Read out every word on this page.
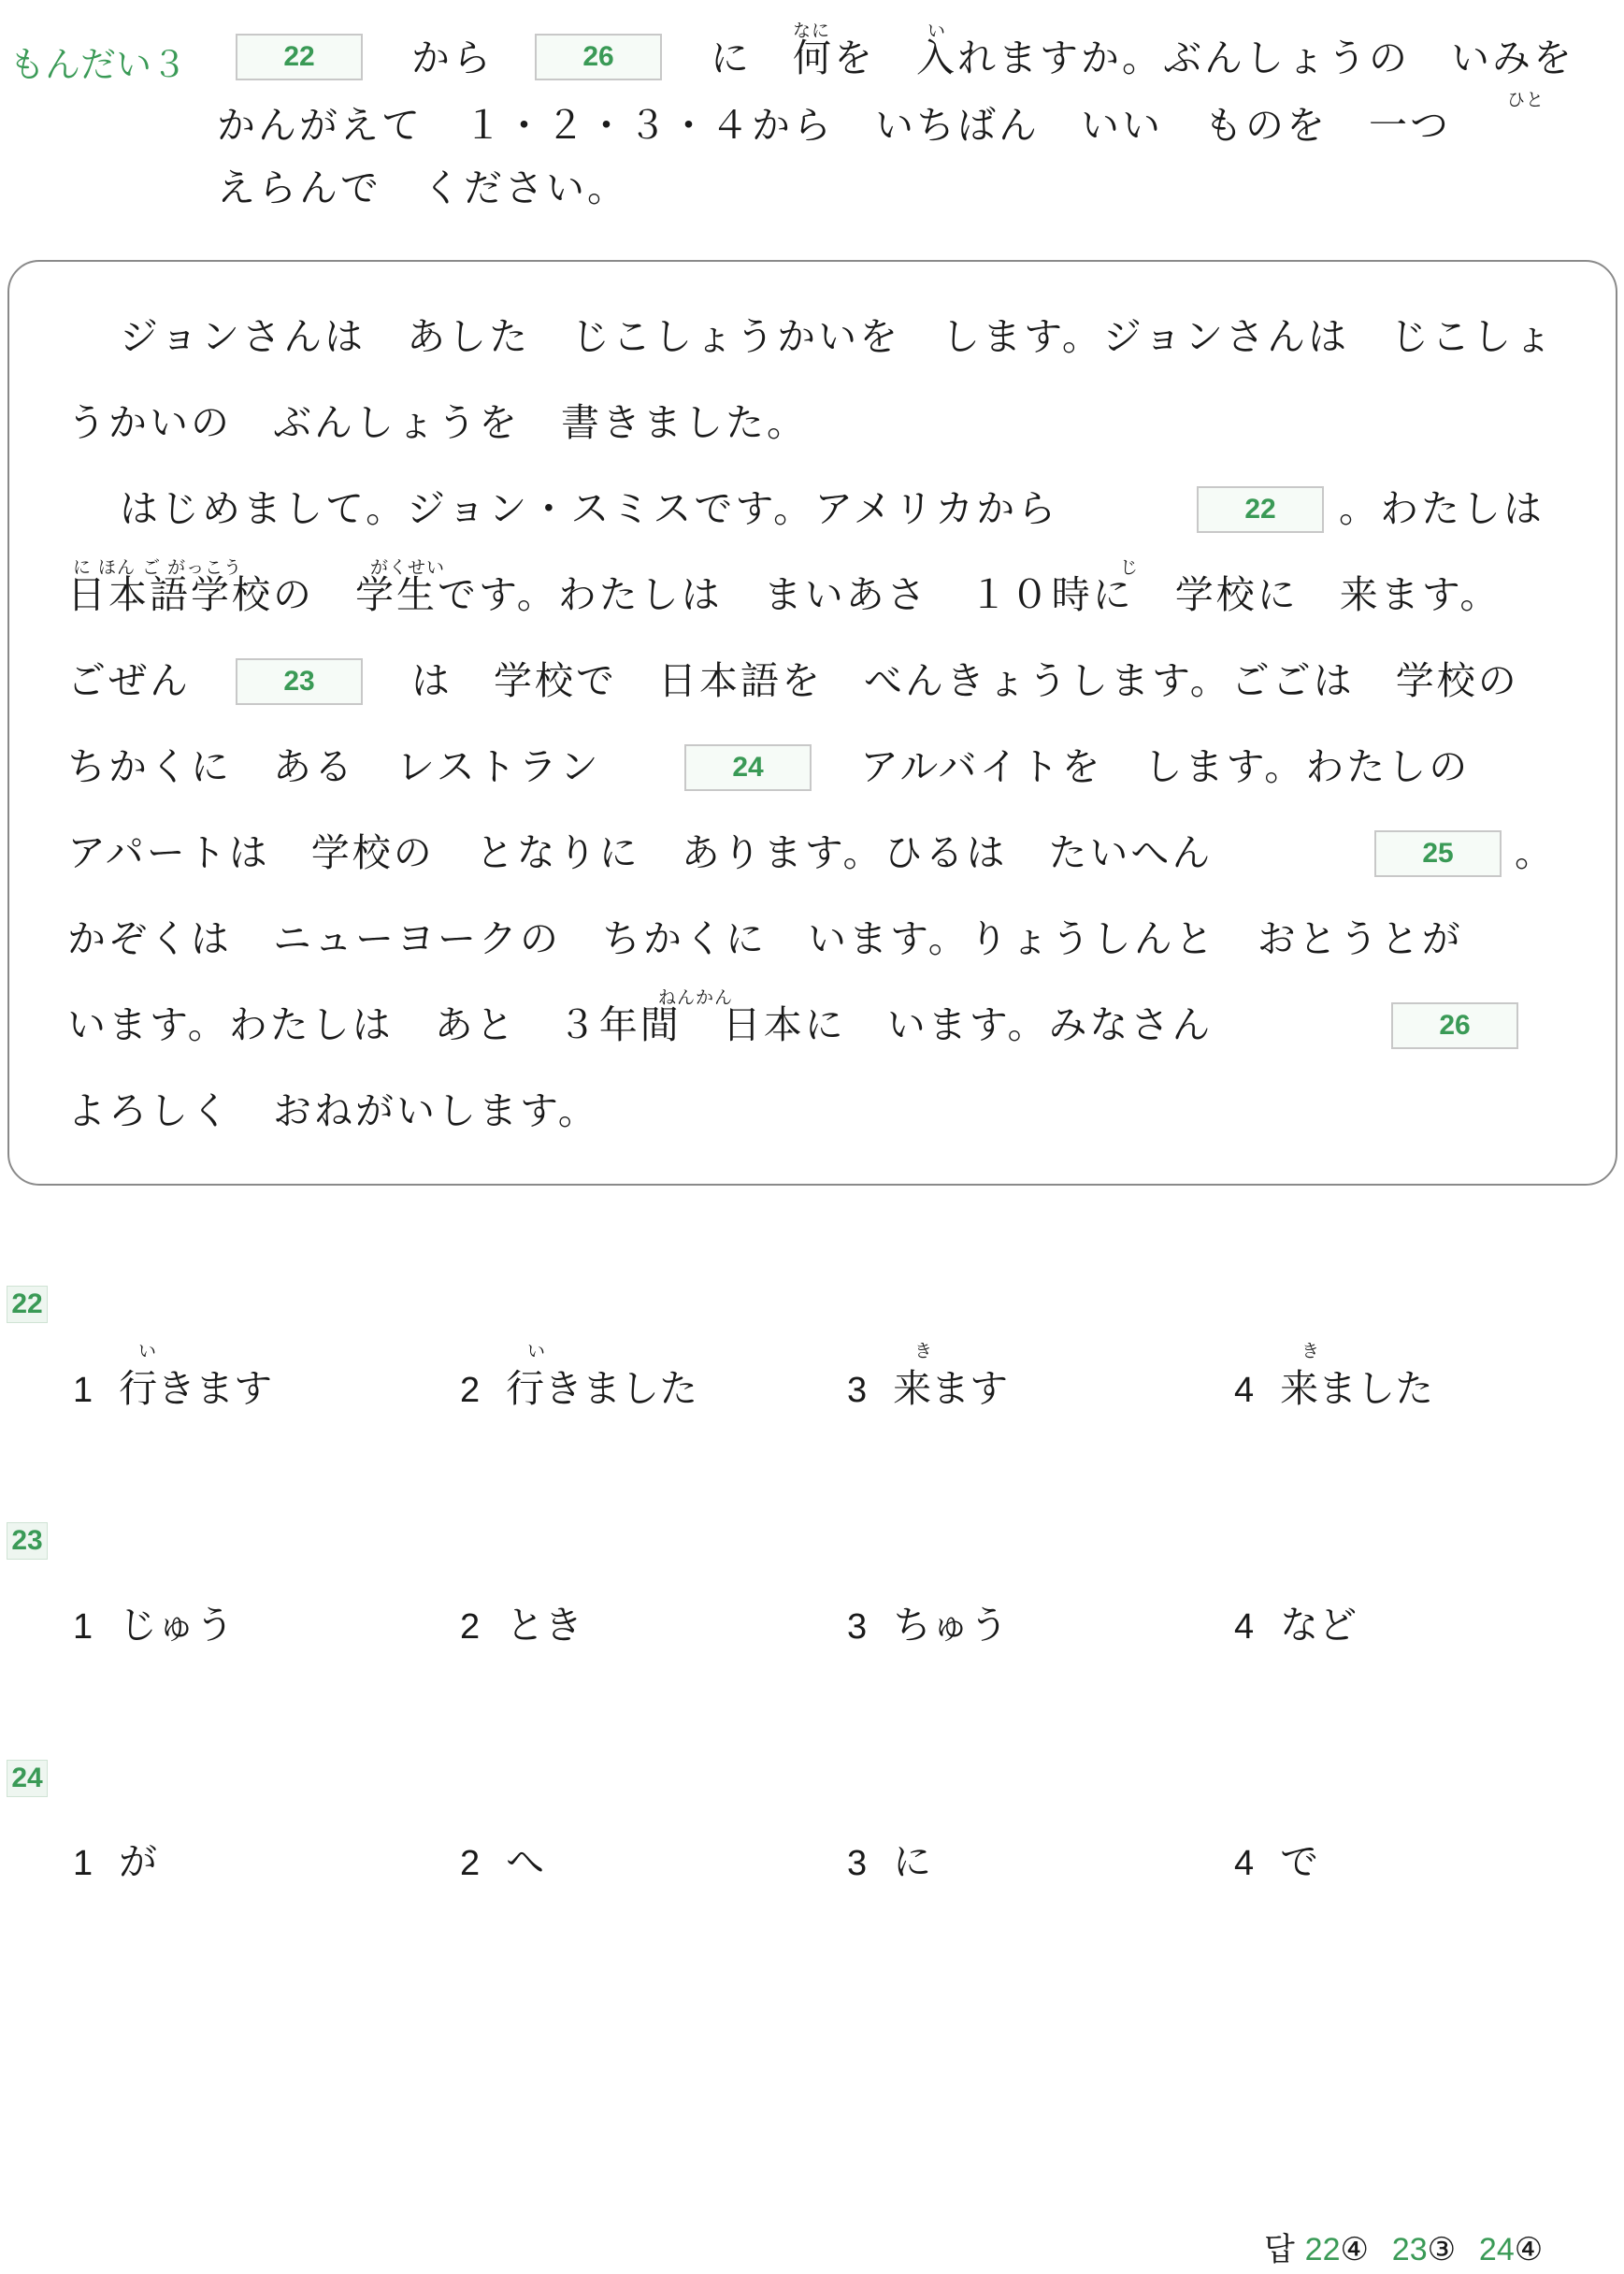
もんだい３	22	から	26
なに	い
に　何を　入れますか。ぶんしょうの　いみを
ひと
かんがえて　１・２・３・４から　いちばん　いい　ものを　一つ
えらんで　ください。
ジョンさんは　あした　じこしょうかいを　します。ジョンさんは　じこしょ
うかいの　ぶんしょうを　書きました。
はじめまして。ジョン・スミスです。アメリカから	22	。わたしは
に ほん ご がっこう	がくせい	じ
日本語学校の　学生です。わたしは　まいあさ　１０時に　学校に　来ます。
ごぜん	23	は　学校で　日本語を　べんきょうします。ごごは　学校の
ちかくに　ある　レストラン	24	アルバイトを　します。わたしの
アパートは　学校の　となりに　あります。ひるは　たいへん	25	。
かぞくは　ニューヨークの　ちかくに　います。りょうしんと　おとうとが
ねんかん
います。わたしは　あと　３年間　日本に　います。みなさん	26
よろしく　おねがいします。
22
い
1 行きます
い
2 行きました
き
3 来ます
き
4 来ました
23
1 じゅう	2 とき	3 ちゅう	4 など
24
1 が	2 へ	3 に	4 で
답 22④ 23③ 24④
